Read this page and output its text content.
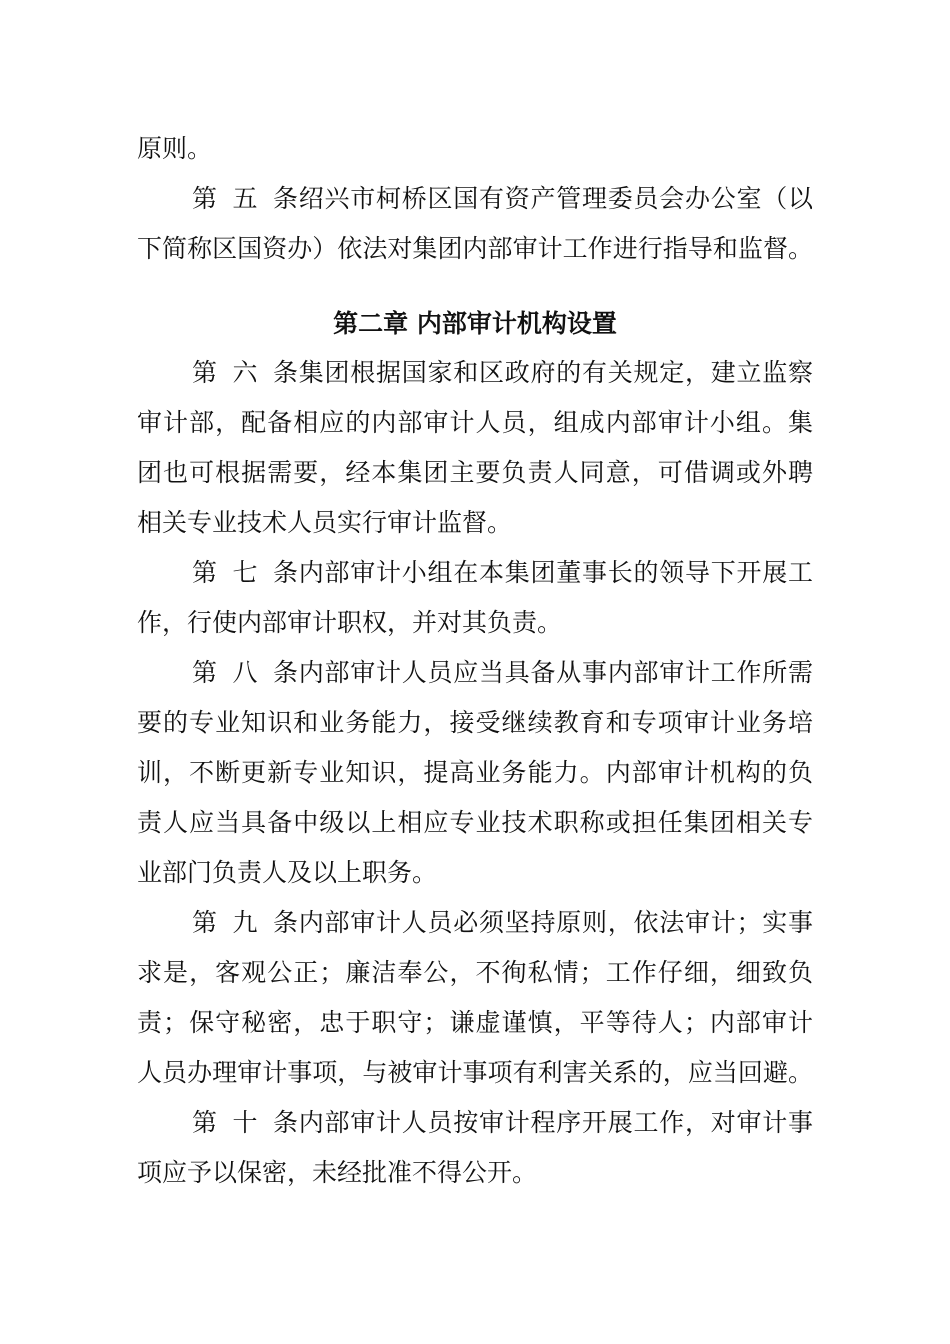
原则。
第五条绍兴市柯桥区国有资产管理委员会办公室（以
下简称区国资办）依法对集团内部审计工作进行指导和监督。
第二章 内部审计机构设置
第六条集团根据国家和区政府的有关规定，建立监察
审计部，配备相应的内部审计人员，组成内部审计小组。集
团也可根据需要，经本集团主要负责人同意，可借调或外聘
相关专业技术人员实行审计监督。
第七条内部审计小组在本集团董事长的领导下开展工
作，行使内部审计职权，并对其负责。
第八条内部审计人员应当具备从事内部审计工作所需
要的专业知识和业务能力，接受继续教育和专项审计业务培
训，不断更新专业知识，提高业务能力。内部审计机构的负
责人应当具备中级以上相应专业技术职称或担任集团相关专
业部门负责人及以上职务。
第九条内部审计人员必须坚持原则，依法审计；实事
求是，客观公正；廉洁奉公，不徇私情；工作仔细，细致负
责；保守秘密，忠于职守；谦虚谨慎，平等待人；内部审计
人员办理审计事项，与被审计事项有利害关系的，应当回避。
第十条内部审计人员按审计程序开展工作，对审计事
项应予以保密，未经批准不得公开。
